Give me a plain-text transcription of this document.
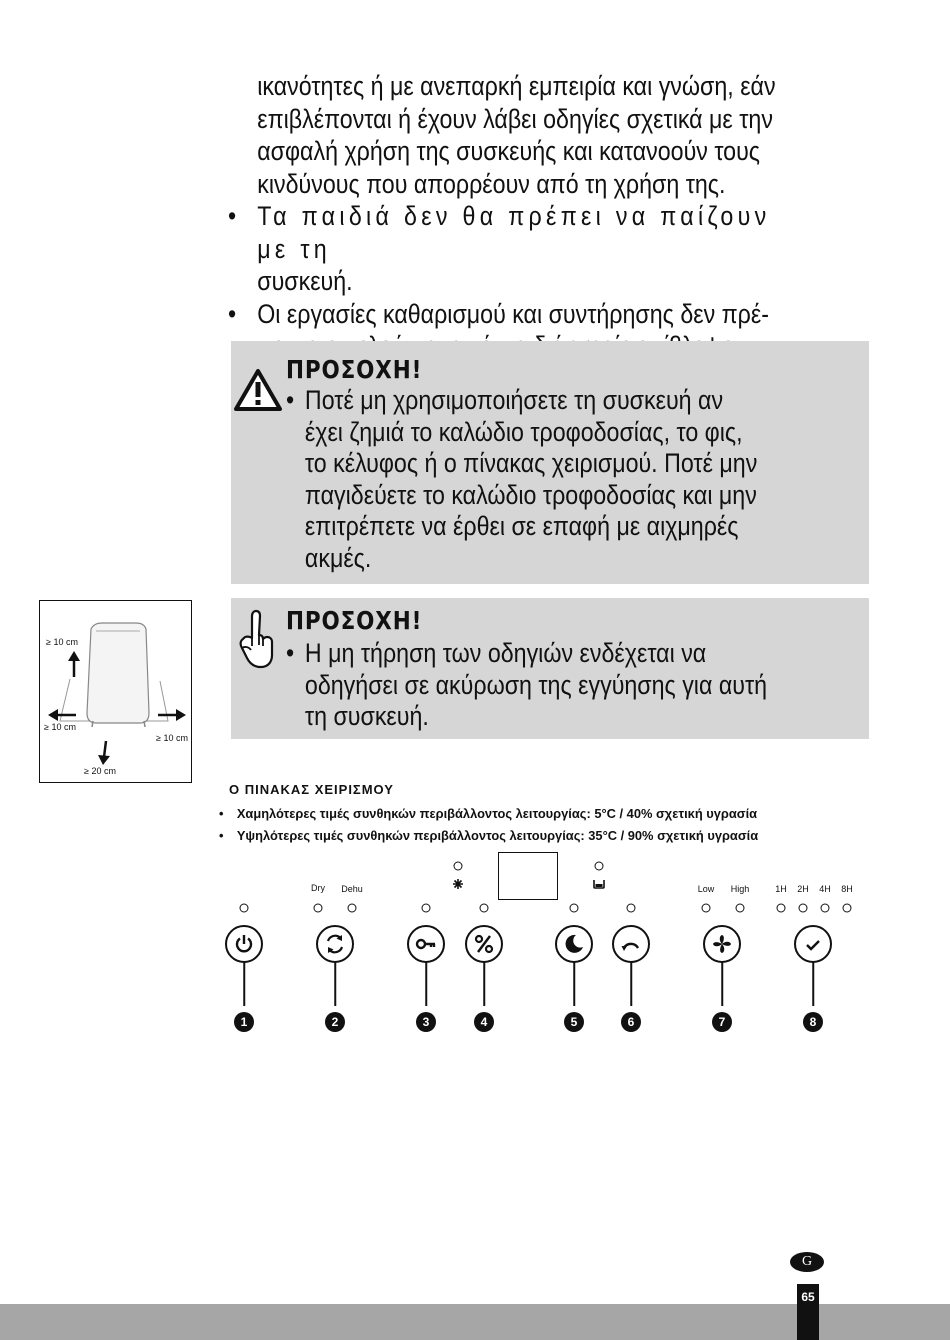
ικανότητες ή με ανεπαρκή εμπειρία και γνώση, εάν
επιβλέπονται ή έχουν λάβει οδηγίες σχετικά με την
ασφαλή χρήση της συσκευής και κατανοούν τους
κινδύνους που απορρέουν από τη χρήση της.
• Τα παιδιά δεν θα πρέπει να παίζουν με τη
συσκευή.
• Οι εργασίες καθαρισμού και συντήρησης δεν πρέ-
ΠΡΟΣΟΧΗ!
• Ποτέ μη χρησιμοποιήσετε τη συσκευή αν
έχει ζημιά το καλώδιο τροφοδοσίας, το φις,
το κέλυφος ή ο πίνακας χειρισμού. Ποτέ μην
παγιδεύετε το καλώδιο τροφοδοσίας και μην
επιτρέπετε να έρθει σε επαφή με αιχμηρές
ακμές.
ΠΡΟΣΟΧΗ!
• Η μη τήρηση των οδηγιών ενδέχεται να
οδηγήσει σε ακύρωση της εγγύησης για αυτή
τη συσκευή.
≥ 10 cm
≥ 10 cm
≥ 10 cm
≥ 20 cm
Ο ΠΙΝΑΚΑΣ ΧΕΙΡΙΣΜΟΥ
• Χαμηλότερες τιμές συνθηκών περιβάλλοντος λειτουργίας: 5°C / 40% σχετική υγρασία
• Υψηλότερες τιμές συνθηκών περιβάλλοντος λειτουργίας: 35°C / 90% σχετική υγρασία
Dry Dehu	Low High	1H 2H 4H 8H
1	2	3	4	5	6	7	8
G
65
